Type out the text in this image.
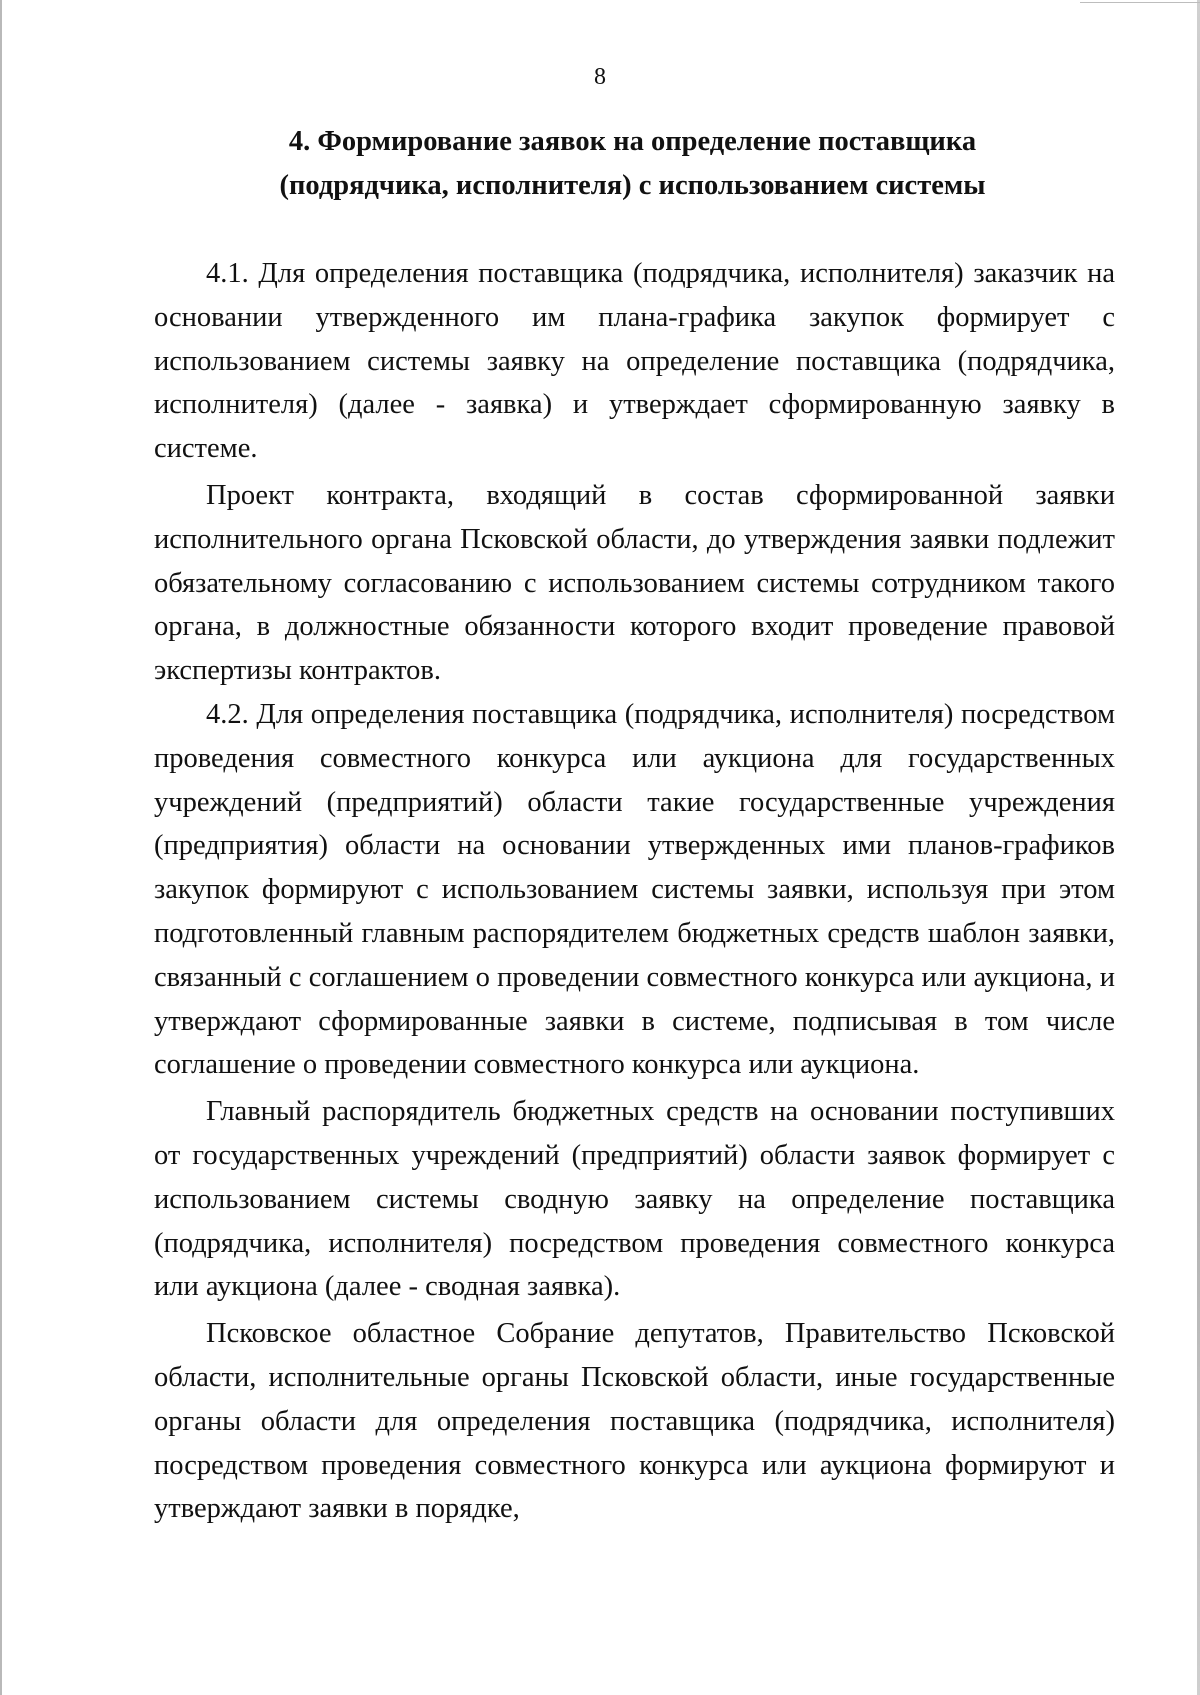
8
4. Формирование заявок на определение поставщика
(подрядчика, исполнителя) с использованием системы

4.1. Для определения поставщика (подрядчика, исполнителя) заказчик на основании утвержденного им плана-графика закупок формирует с использованием системы заявку на определение поставщика (подрядчика, исполнителя) (далее - заявка) и утверждает сформированную заявку в системе.

Проект контракта, входящий в состав сформированной заявки исполнительного органа Псковской области, до утверждения заявки подлежит обязательному согласованию с использованием системы сотрудником такого органа, в должностные обязанности которого входит проведение правовой экспертизы контрактов.

4.2. Для определения поставщика (подрядчика, исполнителя) посредством проведения совместного конкурса или аукциона для государственных учреждений (предприятий) области такие государственные учреждения (предприятия) области на основании утвержденных ими планов-графиков закупок формируют с использованием системы заявки, используя при этом подготовленный главным распорядителем бюджетных средств шаблон заявки, связанный с соглашением о проведении совместного конкурса или аукциона, и утверждают сформированные заявки в системе, подписывая в том числе соглашение о проведении совместного конкурса или аукциона.

Главный распорядитель бюджетных средств на основании поступивших от государственных учреждений (предприятий) области заявок формирует с использованием системы сводную заявку на определение поставщика (подрядчика, исполнителя) посредством проведения совместного конкурса или аукциона (далее - сводная заявка).

Псковское областное Собрание депутатов, Правительство Псковской области, исполнительные органы Псковской области, иные государственные органы области для определения поставщика (подрядчика, исполнителя) посредством проведения совместного конкурса или аукциона формируют и утверждают заявки в порядке,
